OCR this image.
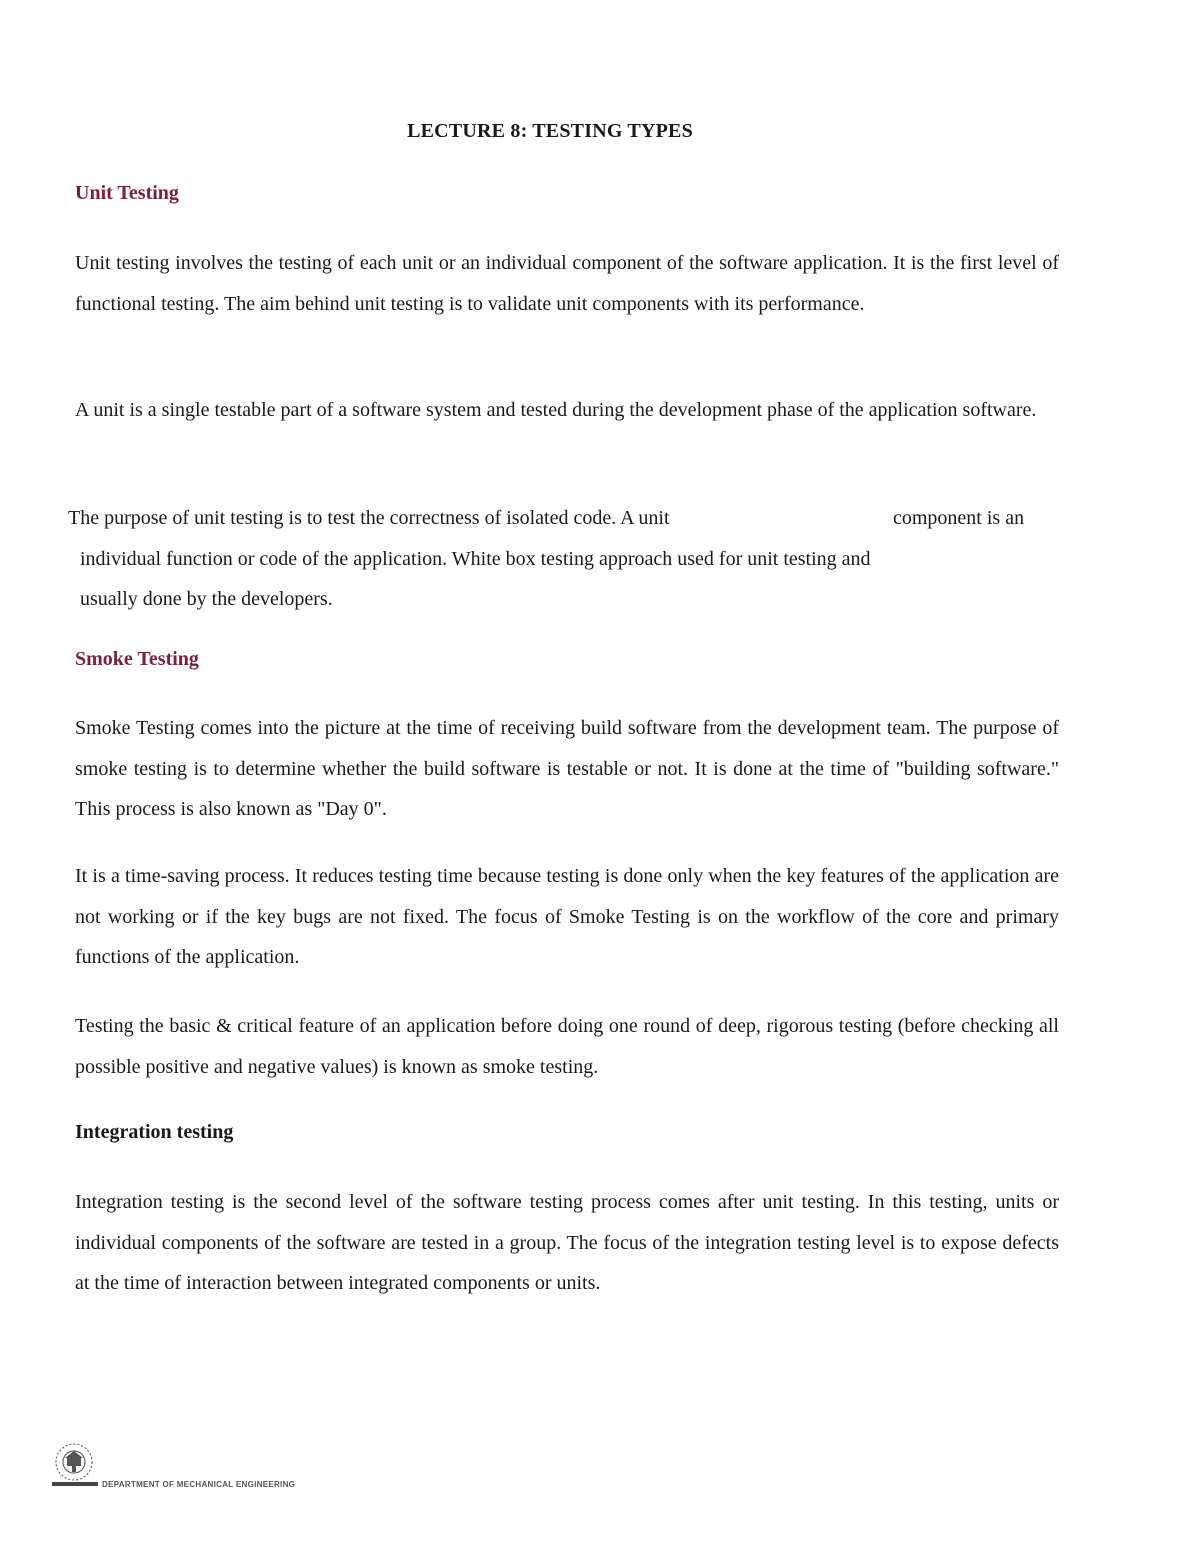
LECTURE 8: TESTING TYPES
Unit Testing

Unit testing involves the testing of each unit or an individual component of the software application. It is the first level of functional testing. The aim behind unit testing is to validate unit components with its performance.

A unit is a single testable part of a software system and tested during the development phase of the application software.

The purpose of unit testing is to test the correctness of isolated code. A unit	component is an
individual function or code of the application. White box testing approach used for unit testing and
usually done by the developers.
Smoke Testing

Smoke Testing comes into the picture at the time of receiving build software from the development team. The purpose of smoke testing is to determine whether the build software is testable or not. It is done at the time of "building software." This process is also known as "Day 0".

It is a time-saving process. It reduces testing time because testing is done only when the key features of the application are not working or if the key bugs are not fixed. The focus of Smoke Testing is on the workflow of the core and primary functions of the application.

Testing the basic & critical feature of an application before doing one round of deep, rigorous testing (before checking all possible positive and negative values) is known as smoke testing.

Integration testing

Integration testing is the second level of the software testing process comes after unit testing. In this testing, units or individual components of the software are tested in a group. The focus of the integration testing level is to expose defects at the time of interaction between integrated components or units.

DEPARTMENT OF MECHANICAL ENGINEERING
